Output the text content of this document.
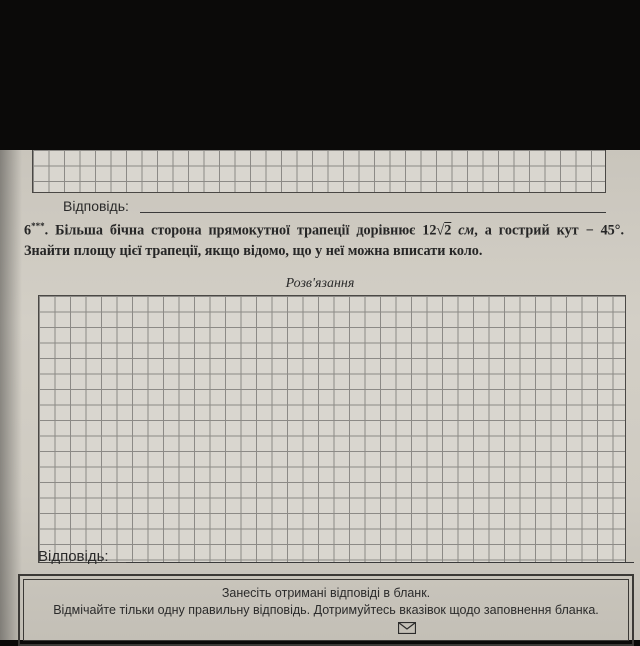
Відповідь:

6***. Більша бічна сторона прямокутної трапеції дорівнює 12√2 см, а гострий кут − 45°. Знайти площу цієї трапеції, якщо відомо, що у неї можна вписати коло.

Розв'язання

Відповідь:

Занесіть отримані відповіді в бланк.

Відмічайте тільки одну правильну відповідь. Дотримуйтесь вказівок щодо заповнення бланка.
